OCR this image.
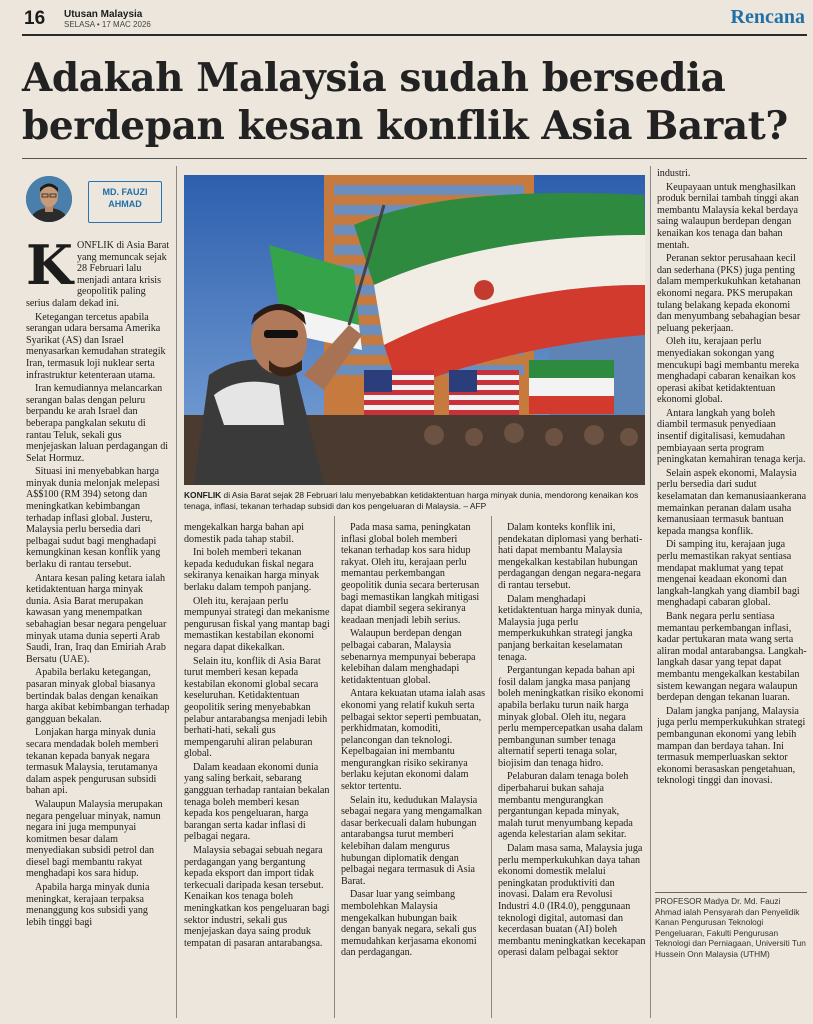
16 Utusan Malaysia
SELASA • 17 MAC 2026	Rencana
Adakah Malaysia sudah bersedia berdepan kesan konflik Asia Barat?
MD. FAUZI AHMAD

KONFLIK di Asia Barat yang memuncak sejak 28 Februari lalu menjadi antara krisis geopolitik paling serius dalam dekad ini.

Ketegangan tercetus apabila serangan udara bersama Amerika Syarikat (AS) dan Israel menyasarkan kemudahan strategik Iran, termasuk loji nuklear serta infrastruktur ketenteraan utama.

Iran kemudiannya melancarkan serangan balas dengan peluru berpandu ke arah Israel dan beberapa pangkalan sekutu di rantau Teluk, sekali gus menjejaskan laluan perdagangan di Selat Hormuz.

Situasi ini menyebabkan harga minyak dunia melonjak melepasi A$$100 (RM 394) setong dan meningkatkan kebimbangan terhadap inflasi global. Justeru, Malaysia perlu bersedia dari pelbagai sudut bagi menghadapi kemungkinan kesan konflik yang berlaku di rantau tersebut.

Antara kesan paling ketara ialah ketidaktentuan harga minyak dunia. Asia Barat merupakan kawasan yang menempatkan sebahagian besar negara pengeluar minyak utama dunia seperti Arab Saudi, Iran, Iraq dan Emiriah Arab Bersatu (UAE).

Apabila berlaku ketegangan, pasaran minyak global biasanya bertindak balas dengan kenaikan harga akibat kebimbangan terhadap gangguan bekalan.

Lonjakan harga minyak dunia secara mendadak boleh memberi tekanan kepada banyak negara termasuk Malaysia, terutamanya dalam aspek pengurusan subsidi bahan api.

Walaupun Malaysia merupakan negara pengeluar minyak, namun negara ini juga mempunyai komitmen besar dalam menyediakan subsidi petrol dan diesel bagi membantu rakyat menghadapi kos sara hidup.

Apabila harga minyak dunia meningkat, kerajaan terpaksa menanggung kos subsidi yang lebih tinggi bagi

KONFLIK di Asia Barat sejak 28 Februari lalu menyebabkan ketidaktentuan harga minyak dunia, mendorong kenaikan kos tenaga, inflasi, tekanan terhadap subsidi dan kos pengeluaran di Malaysia. – AFP

mengekalkan harga bahan api domestik pada tahap stabil.

Ini boleh memberi tekanan kepada kedudukan fiskal negara sekiranya kenaikan harga minyak berlaku dalam tempoh panjang.

Oleh itu, kerajaan perlu mempunyai strategi dan mekanisme pengurusan fiskal yang mantap bagi memastikan kestabilan ekonomi negara dapat dikekalkan.

Selain itu, konflik di Asia Barat turut memberi kesan kepada kestabilan ekonomi global secara keseluruhan. Ketidaktentuan geopolitik sering menyebabkan pelabur antarabangsa menjadi lebih berhati-hati, sekali gus mempengaruhi aliran pelaburan global.

Dalam keadaan ekonomi dunia yang saling berkait, sebarang gangguan terhadap rantaian bekalan tenaga boleh memberi kesan kepada kos pengeluaran, harga barangan serta kadar inflasi di pelbagai negara.

Malaysia sebagai sebuah negara perdagangan yang bergantung kepada eksport dan import tidak terkecuali daripada kesan tersebut. Kenaikan kos tenaga boleh meningkatkan kos pengeluaran bagi sektor industri, sekali gus menjejaskan daya saing produk tempatan di pasaran antarabangsa.

Pada masa sama, peningkatan inflasi global boleh memberi tekanan terhadap kos sara hidup rakyat. Oleh itu, kerajaan perlu memantau perkembangan geopolitik dunia secara berterusan bagi memastikan langkah mitigasi dapat diambil segera sekiranya keadaan menjadi lebih serius.

Walaupun berdepan dengan pelbagai cabaran, Malaysia sebenarnya mempunyai beberapa kelebihan dalam menghadapi ketidaktentuan global.

Antara kekuatan utama ialah asas ekonomi yang relatif kukuh serta pelbagai sektor seperti pembuatan, perkhidmatan, komoditi, pelancongan dan teknologi. Kepelbagaian ini membantu mengurangkan risiko sekiranya berlaku kejutan ekonomi dalam sektor tertentu.

Selain itu, kedudukan Malaysia sebagai negara yang mengamalkan dasar berkecuali dalam hubungan antarabangsa turut memberi kelebihan dalam mengurus hubungan diplomatik dengan pelbagai negara termasuk di Asia Barat.

Dasar luar yang seimbang membolehkan Malaysia mengekalkan hubungan baik dengan banyak negara, sekali gus memudahkan kerjasama ekonomi dan perdagangan.

Dalam konteks konflik ini, pendekatan diplomasi yang berhati-hati dapat membantu Malaysia mengekalkan kestabilan hubungan perdagangan dengan negara-negara di rantau tersebut.

Dalam menghadapi ketidaktentuan harga minyak dunia, Malaysia juga perlu memperkukuhkan strategi jangka panjang berkaitan keselamatan tenaga.

Pergantungan kepada bahan api fosil dalam jangka masa panjang boleh meningkatkan risiko ekonomi apabila berlaku turun naik harga minyak global. Oleh itu, negara perlu mempercepatkan usaha dalam pembangunan sumber tenaga alternatif seperti tenaga solar, biojisim dan tenaga hidro.

Pelaburan dalam tenaga boleh diperbaharui bukan sahaja membantu mengurangkan pergantungan kepada minyak, malah turut menyumbang kepada agenda kelestarian alam sekitar.

Dalam masa sama, Malaysia juga perlu memperkukuhkan daya tahan ekonomi domestik melalui peningkatan produktiviti dan inovasi. Dalam era Revolusi Industri 4.0 (IR4.0), penggunaan teknologi digital, automasi dan kecerdasan buatan (AI) boleh membantu meningkatkan kecekapan operasi dalam pelbagai sektor

industri.

Keupayaan untuk menghasilkan produk bernilai tambah tinggi akan membantu Malaysia kekal berdaya saing walaupun berdepan dengan kenaikan kos tenaga dan bahan mentah.

Peranan sektor perusahaan kecil dan sederhana (PKS) juga penting dalam memperkukuhkan ketahanan ekonomi negara. PKS merupakan tulang belakang kepada ekonomi dan menyumbang sebahagian besar peluang pekerjaan.

Oleh itu, kerajaan perlu menyediakan sokongan yang mencukupi bagi membantu mereka menghadapi cabaran kenaikan kos operasi akibat ketidaktentuan ekonomi global.

Antara langkah yang boleh diambil termasuk penyediaan insentif digitalisasi, kemudahan pembiayaan serta program peningkatan kemahiran tenaga kerja.

Selain aspek ekonomi, Malaysia perlu bersedia dari sudut keselamatan dan kemanusiaankerana memainkan peranan dalam usaha kemanusiaan termasuk bantuan kepada mangsa konflik.

Di samping itu, kerajaan juga perlu memastikan rakyat sentiasa mendapat maklumat yang tepat mengenai keadaan ekonomi dan langkah-langkah yang diambil bagi menghadapi cabaran global.

Bank negara perlu sentiasa memantau perkembangan inflasi, kadar pertukaran mata wang serta aliran modal antarabangsa. Langkah-langkah dasar yang tepat dapat membantu mengekalkan kestabilan sistem kewangan negara walaupun berdepan dengan tekanan luaran.

Dalam jangka panjang, Malaysia juga perlu memperkukuhkan strategi pembangunan ekonomi yang lebih mampan dan berdaya tahan. Ini termasuk memperluaskan sektor ekonomi berasaskan pengetahuan, teknologi tinggi dan inovasi.

PROFESOR Madya Dr. Md. Fauzi Ahmad ialah Pensyarah dan Penyelidik Kanan Pengurusan Teknologi Pengeluaran, Fakulti Pengurusan Teknologi dan Perniagaan, Universiti Tun Hussein Onn Malaysia (UTHM)
